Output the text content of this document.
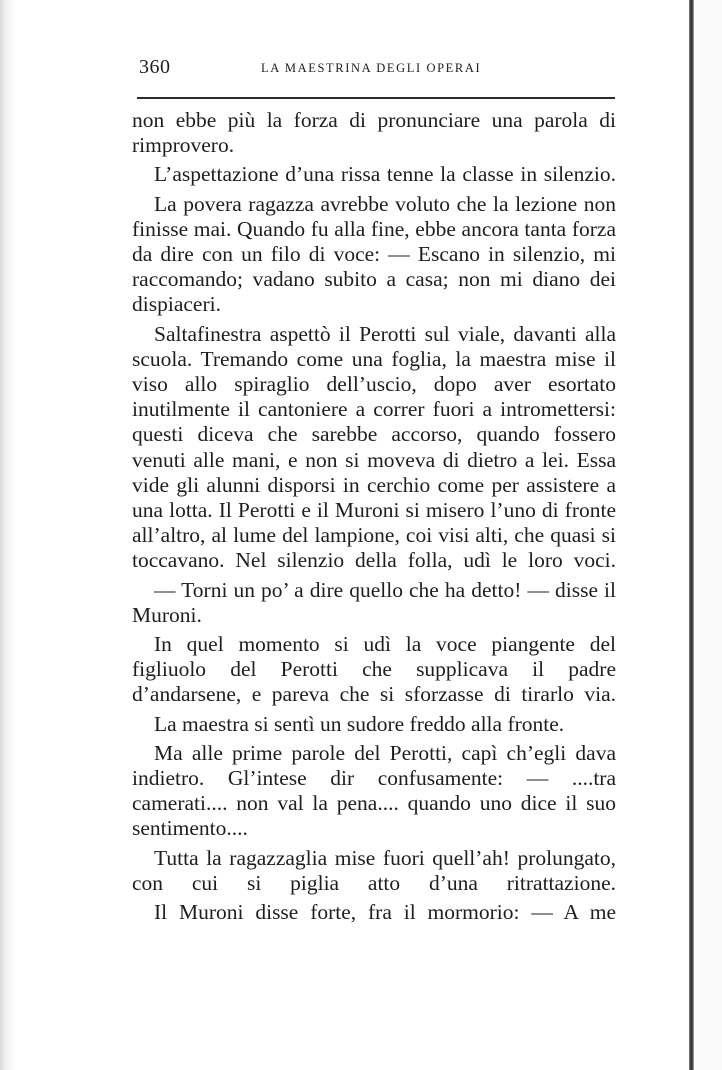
360	LA MAESTRINA DEGLI OPERAI

non ebbe più la forza di pronunciare una parola di rimprovero.

L’aspettazione d’una rissa tenne la classe in silenzio.

La povera ragazza avrebbe voluto che la lezione non finisse mai. Quando fu alla fine, ebbe ancora tanta forza da dire con un filo di voce: — Escano in silenzio, mi raccomando; vadano subito a casa; non mi diano dei dispiaceri.

Saltafinestra aspettò il Perotti sul viale, davanti alla scuola. Tremando come una foglia, la maestra mise il viso allo spiraglio dell’uscio, dopo aver esortato inutilmente il cantoniere a correr fuori a intromettersi: questi diceva che sarebbe accorso, quando fossero venuti alle mani, e non si moveva di dietro a lei. Essa vide gli alunni disporsi in cerchio come per assistere a una lotta. Il Perotti e il Muroni si misero l’uno di fronte all’altro, al lume del lampione, coi visi alti, che quasi si toccavano. Nel silenzio della folla, udì le loro voci.

— Torni un po’ a dire quello che ha detto! — disse il Muroni.

In quel momento si udì la voce piangente del figliuolo del Perotti che supplicava il padre d’andarsene, e pareva che si sforzasse di tirarlo via.

La maestra si sentì un sudore freddo alla fronte.

Ma alle prime parole del Perotti, capì ch’egli dava indietro. Gl’intese dir confusamente: — ....tra camerati.... non val la pena.... quando uno dice il suo sentimento....

Tutta la ragazzaglia mise fuori quell’ah! prolungato, con cui si piglia atto d’una ritrattazione.

Il Muroni disse forte, fra il mormorio: — A me
